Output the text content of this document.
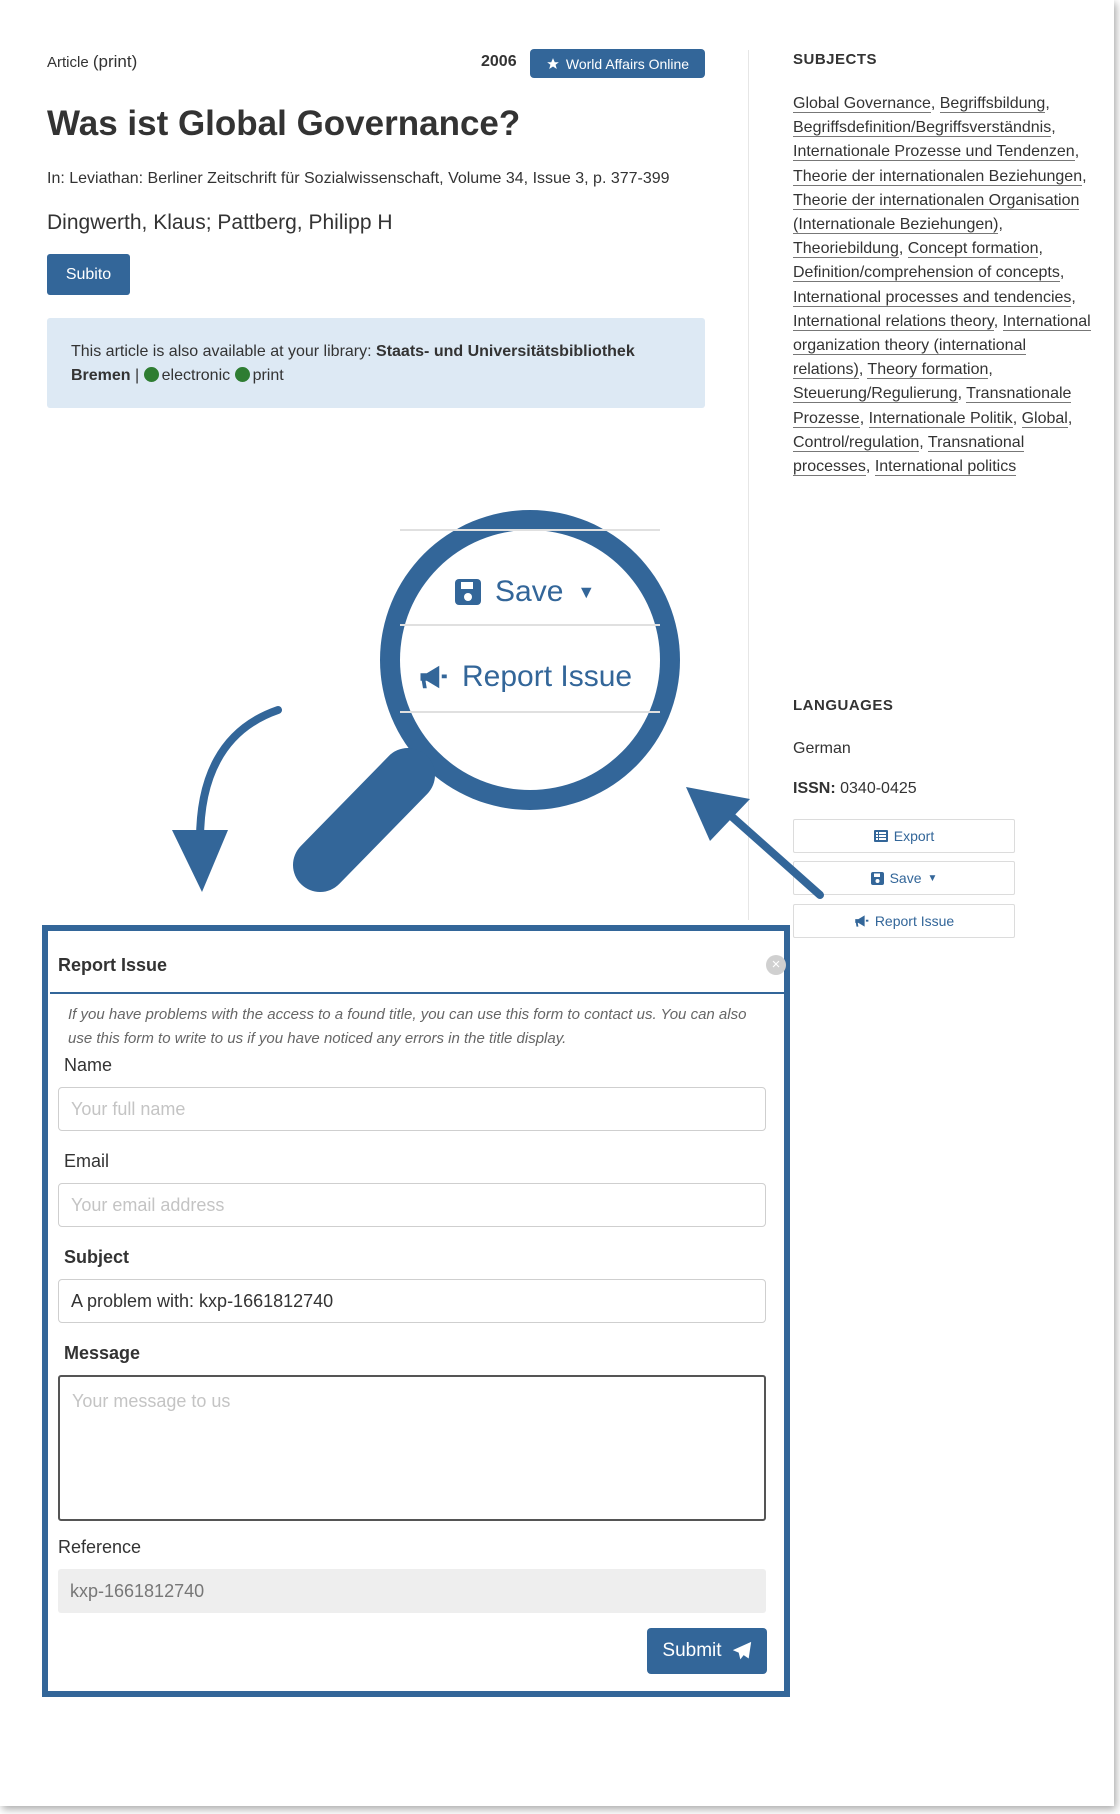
Article (print)	2006	World Affairs Online
Was ist Global Governance?
In: Leviathan: Berliner Zeitschrift für Sozialwissenschaft, Volume 34, Issue 3, p. 377-399
Dingwerth, Klaus; Pattberg, Philipp H
Subito
This article is also available at your library: Staats- und Universitätsbibliothek Bremen | electronic print
SUBJECTS
Global Governance, Begriffsbildung, Begriffsdefinition/Begriffsverständnis, Internationale Prozesse und Tendenzen, Theorie der internationalen Beziehungen, Theorie der internationalen Organisation (Internationale Beziehungen), Theoriebildung, Concept formation, Definition/comprehension of concepts, International processes and tendencies, International relations theory, International organization theory (international relations), Theory formation, Steuerung/Regulierung, Transnationale Prozesse, Internationale Politik, Global, Control/regulation, Transnational processes, International politics
LANGUAGES
German
ISSN: 0340-0425
Export
Save ▼
Report Issue
Save ▼
Report Issue
Report Issue	×
If you have problems with the access to a found title, you can use this form to contact us. You can also use this form to write to us if you have noticed any errors in the title display.
Name
Your full name
Email
Your email address
Subject
A problem with: kxp-1661812740
Message
Your message to us
Reference
kxp-1661812740
Submit
